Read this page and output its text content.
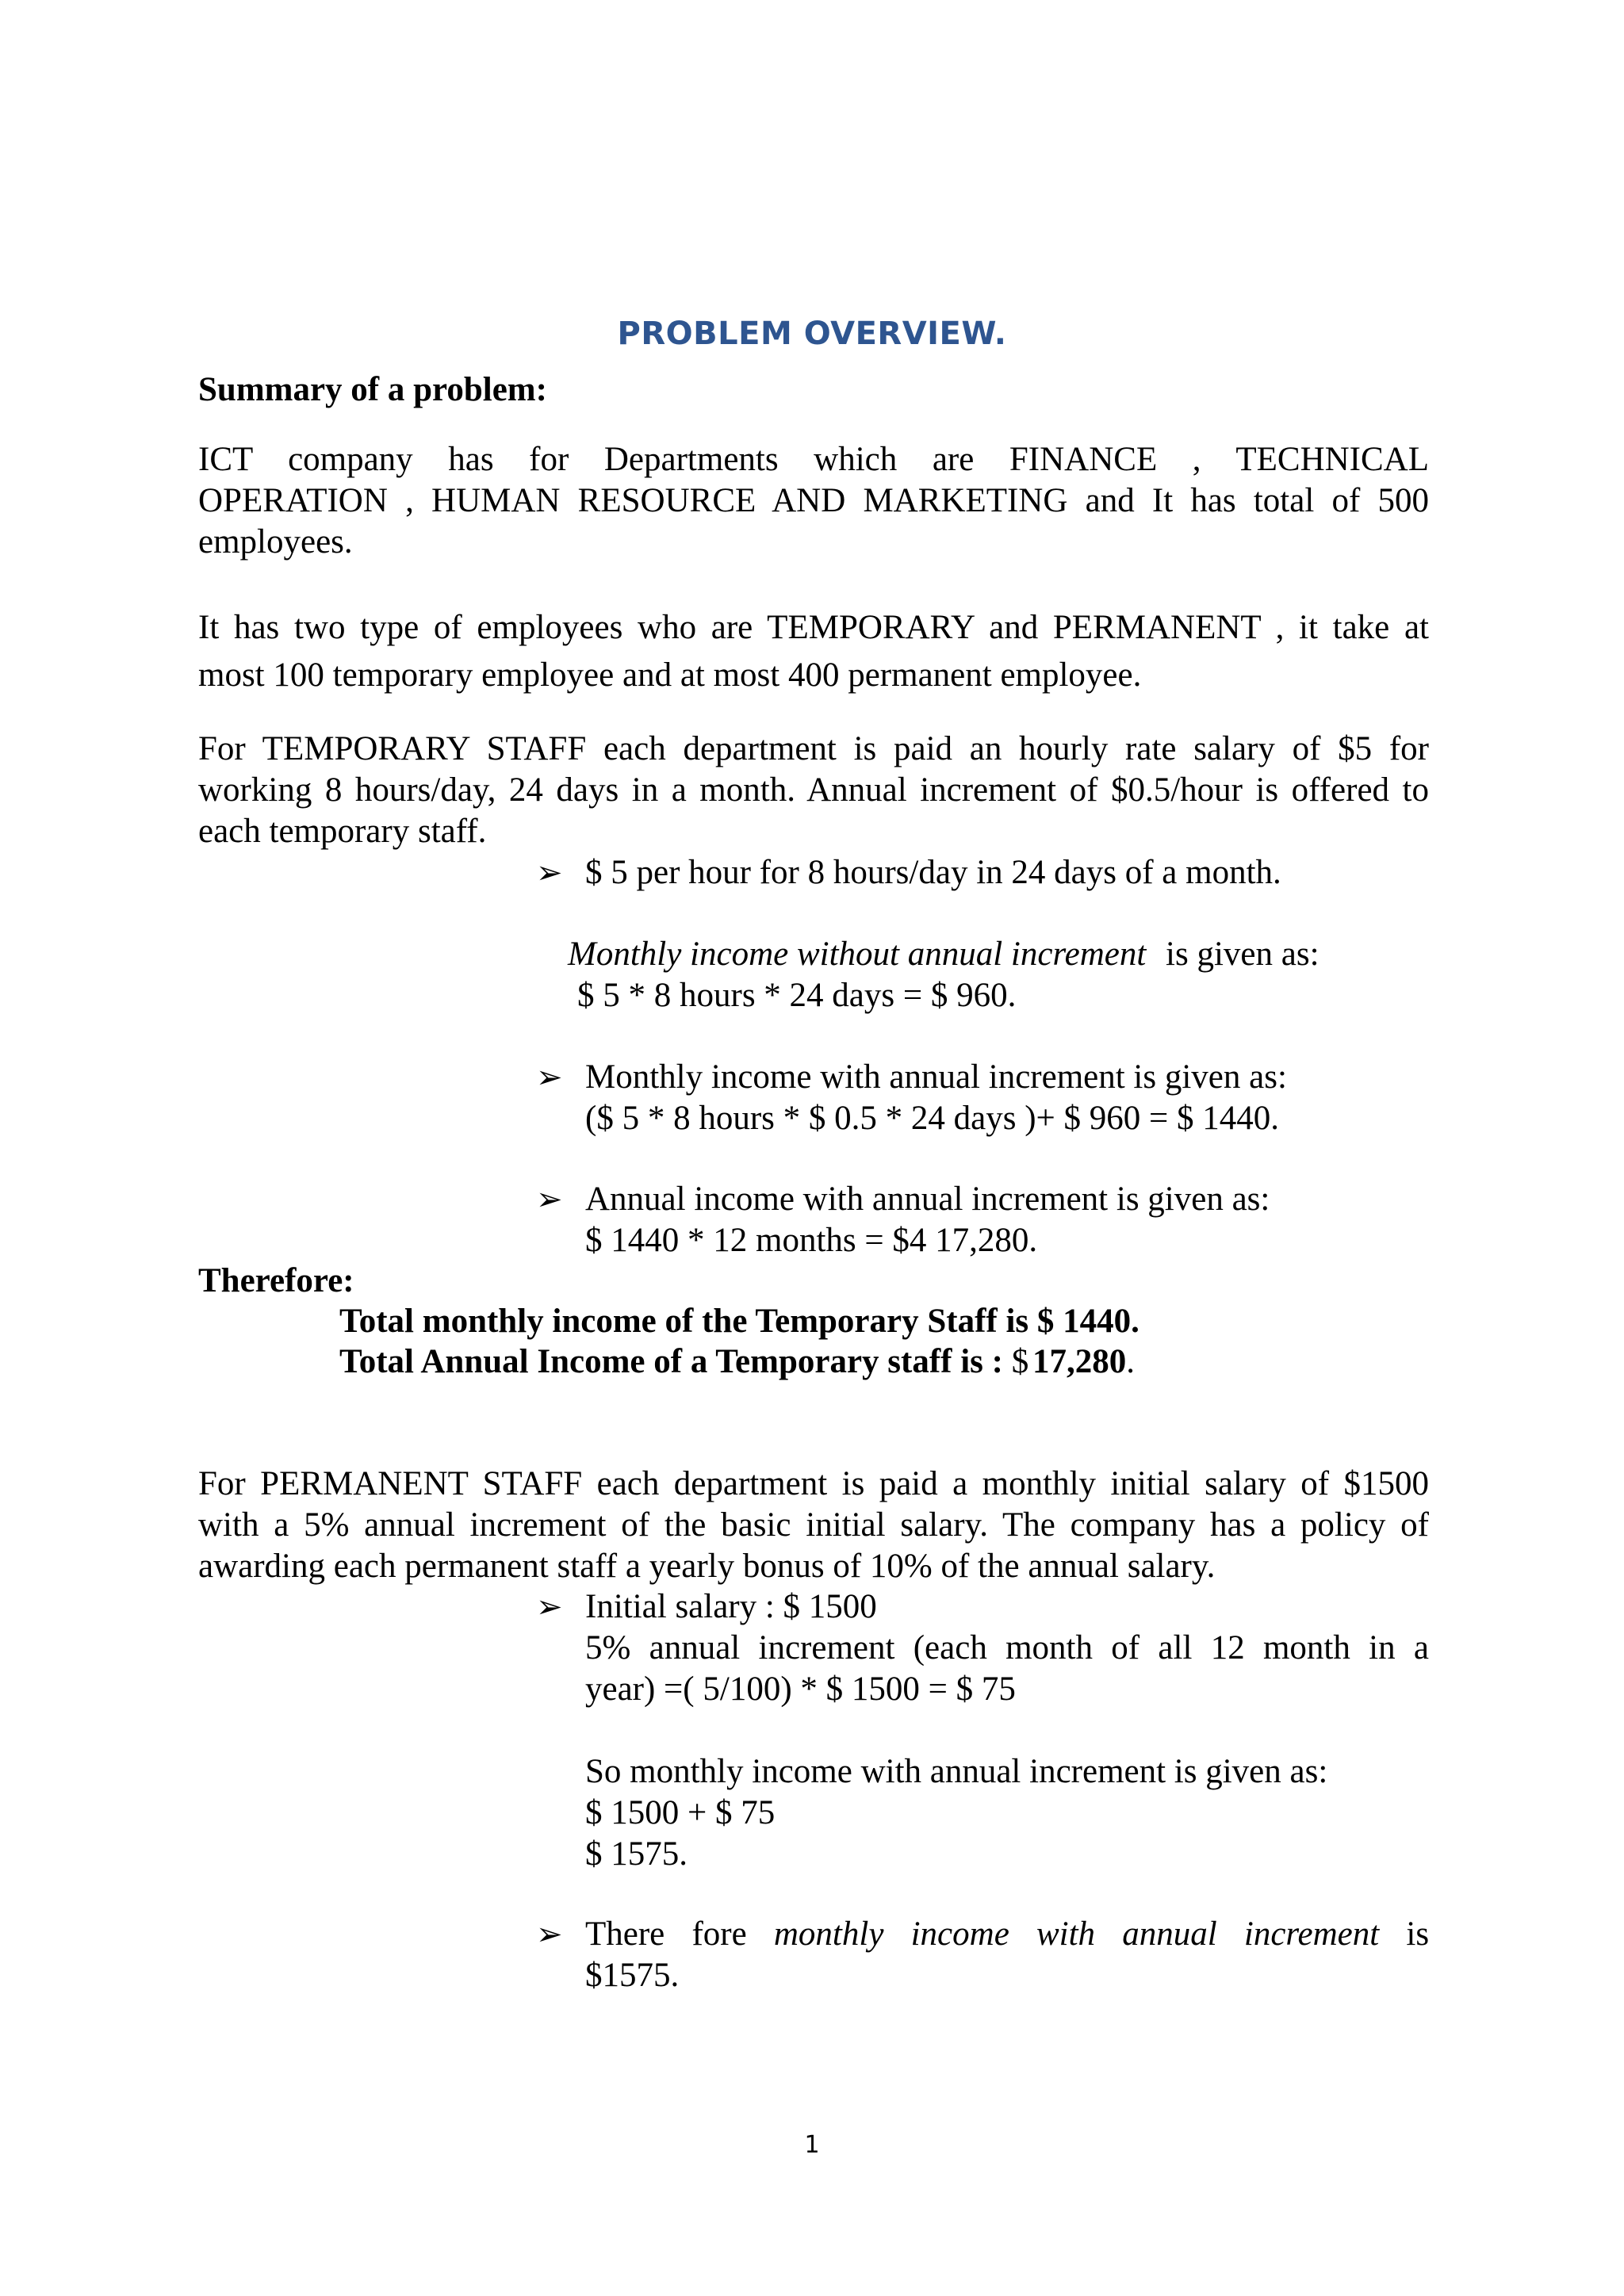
PROBLEM OVERVIEW.
Summary of a problem:
ICT company has for Departments which are FINANCE , TECHNICAL
OPERATION , HUMAN RESOURCE AND MARKETING and It has total of 500
employees.
It has two type of employees who are TEMPORARY and PERMANENT , it take at
most 100 temporary employee and at most 400 permanent employee.
For TEMPORARY STAFF each department is paid an hourly rate salary of $5 for
working 8 hours/day, 24 days in a month. Annual increment of $0.5/hour is offered to
each temporary staff.
➢ $ 5 per hour for 8 hours/day in 24 days of a month.
Monthly income without annual increment is given as:
$ 5 * 8 hours * 24 days = $ 960.
➢ Monthly income with annual increment is given as:
($ 5 * 8 hours * $ 0.5 * 24 days )+ $ 960 = $ 1440.
➢ Annual income with annual increment is given as:
$ 1440 * 12 months = $4 17,280.
Therefore:
Total monthly income of the Temporary Staff is $ 1440.
Total Annual Income of a Temporary staff is : $ 17,280.
For PERMANENT STAFF each department is paid a monthly initial salary of $1500
with a 5% annual increment of the basic initial salary. The company has a policy of
awarding each permanent staff a yearly bonus of 10% of the annual salary.
➢ Initial salary : $ 1500
5% annual increment (each month of all 12 month in a
year) =( 5/100) * $ 1500 = $ 75
So monthly income with annual increment is given as:
$ 1500 + $ 75
$ 1575.
➢ There fore monthly income with annual increment is
$1575.
1
